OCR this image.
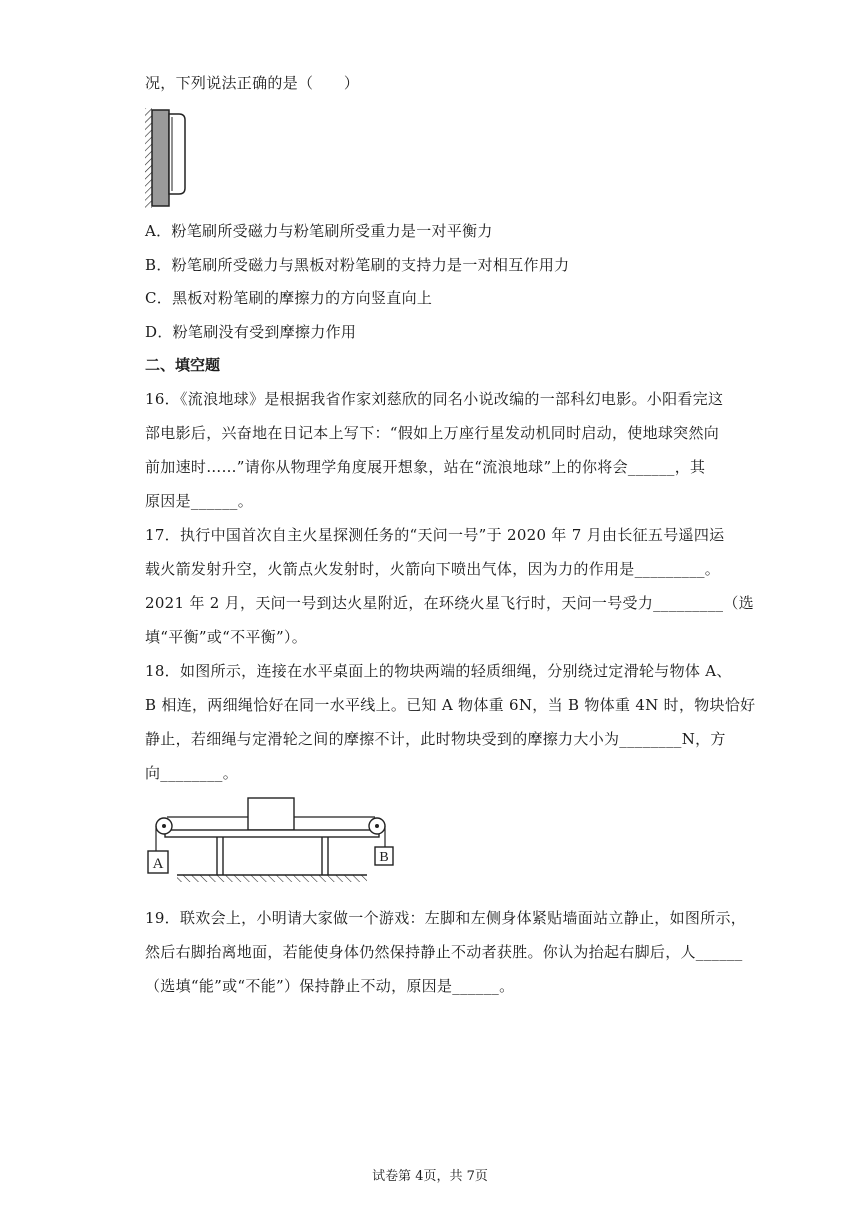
况，下列说法正确的是（　　）
A．粉笔刷所受磁力与粉笔刷所受重力是一对平衡力
B．粉笔刷所受磁力与黑板对粉笔刷的支持力是一对相互作用力
C．黑板对粉笔刷的摩擦力的方向竖直向上
D．粉笔刷没有受到摩擦力作用
二、填空题
16．《流浪地球》是根据我省作家刘慈欣的同名小说改编的一部科幻电影。小阳看完这
部电影后，兴奋地在日记本上写下：“假如上万座行星发动机同时启动，使地球突然向
前加速时……”请你从物理学角度展开想象，站在“流浪地球”上的你将会______，其
原因是______。
17．执行中国首次自主火星探测任务的“天问一号”于 2020 年 7 月由长征五号遥四运
载火箭发射升空，火箭点火发射时，火箭向下喷出气体，因为力的作用是_________。
2021 年 2 月，天问一号到达火星附近，在环绕火星飞行时，天问一号受力_________（选
填“平衡”或“不平衡”）。
18．如图所示，连接在水平桌面上的物块两端的轻质细绳，分别绕过定滑轮与物体 A、
B 相连，两细绳恰好在同一水平线上。已知 A 物体重 6N，当 B 物体重 4N 时，物块恰好
静止，若细绳与定滑轮之间的摩擦不计，此时物块受到的摩擦力大小为________N，方
向________。
A	B
19．联欢会上，小明请大家做一个游戏：左脚和左侧身体紧贴墙面站立静止，如图所示，
然后右脚抬离地面，若能使身体仍然保持静止不动者获胜。你认为抬起右脚后，人______
（选填“能”或“不能”）保持静止不动，原因是______。
试卷第 4页，共 7页
